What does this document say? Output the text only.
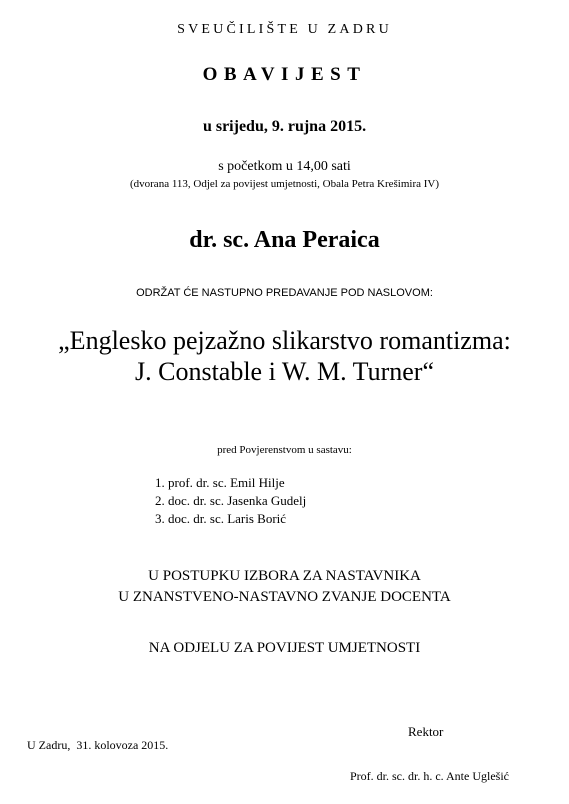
SVEUČILIŠTE U ZADRU
OBAVIJEST
u srijedu, 9. rujna 2015.
s početkom u 14,00 sati
(dvorana 113, Odjel za povijest umjetnosti, Obala Petra Krešimira IV)
dr. sc. Ana Peraica
ODRŽAT ĆE NASTUPNO PREDAVANJE POD NASLOVOM:
„Englesko pejzažno slikarstvo romantizma:
J. Constable i W. M. Turner“
pred Povjerenstvom u sastavu:
1. prof. dr. sc. Emil Hilje
2. doc. dr. sc. Jasenka Gudelj
3. doc. dr. sc. Laris Borić
U POSTUPKU IZBORA ZA NASTAVNIKA
U ZNANSTVENO-NASTAVNO ZVANJE DOCENTA
NA ODJELU ZA POVIJEST UMJETNOSTI
Rektor
U Zadru,  31. kolovoza 2015.
Prof. dr. sc. dr. h. c. Ante Uglešić
